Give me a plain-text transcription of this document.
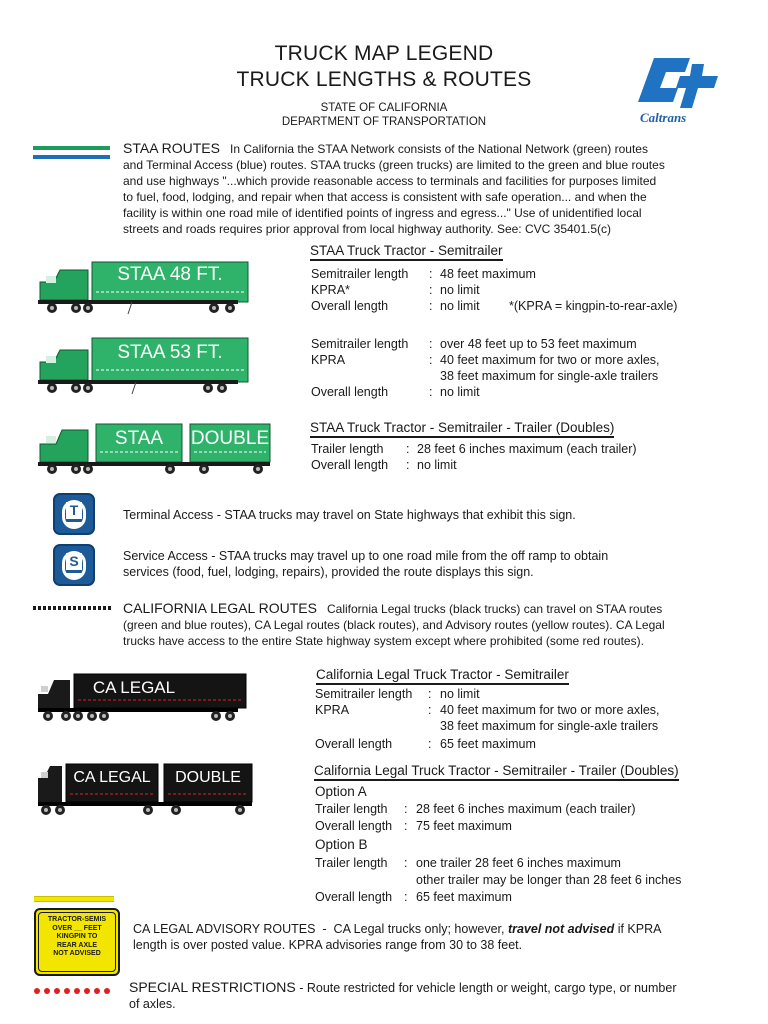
TRUCK MAP LEGEND
TRUCK LENGTHS & ROUTES
STATE OF CALIFORNIA
DEPARTMENT OF TRANSPORTATION	Caltrans
STAA ROUTES In California the STAA Network consists of the National Network (green) routes
and Terminal Access (blue) routes. STAA trucks (green trucks) are limited to the green and blue routes
and use highways "...which provide reasonable access to terminals and facilities for purposes limited
to fuel, food, lodging, and repair when that access is consistent with safe operation... and when the
facility is within one road mile of identified points of ingress and egress..." Use of unidentified local
streets and roads requires prior approval from local highway authority. See: CVC 35401.5(c)
STAA 48 FT.
STAA Truck Tractor - Semitrailer
Semitrailer length : 48 feet maximum
KPRA*	: no limit
Overall length	: no limit *(KPRA = kingpin-to-rear-axle)
STAA 53 FT.	Semitrailer length : over 48 feet up to 53 feet maximum
KPRA	: 40 feet maximum for two or more axles,
38 feet maximum for single-axle trailers
Overall length	: no limit
STAA	DOUBLE
STAA Truck Tractor - Semitrailer - Trailer (Doubles)
Trailer length : 28 feet 6 inches maximum (each trailer)
Overall length : no limit
T	Terminal Access - STAA trucks may travel on State highways that exhibit this sign.
S	Service Access - STAA trucks may travel up to one road mile from the off ramp to obtain
services (food, fuel, lodging, repairs), provided the route displays this sign.
CALIFORNIA LEGAL ROUTES California Legal trucks (black trucks) can travel on STAA routes
(green and blue routes), CA Legal routes (black routes), and Advisory routes (yellow routes). CA Legal
trucks have access to the entire State highway system except where prohibited (some red routes).
CA LEGAL
California Legal Truck Tractor - Semitrailer
Semitrailer length : no limit
KPRA	: 40 feet maximum for two or more axles,
38 feet maximum for single-axle trailers
Overall length	: 65 feet maximum
CA LEGAL	DOUBLE	California Legal Truck Tractor - Semitrailer - Trailer (Doubles)
Option A
Trailer length : 28 feet 6 inches maximum (each trailer)
Overall length : 75 feet maximum
Option B
Trailer length : one trailer 28 feet 6 inches maximum
other trailer may be longer than 28 feet 6 inches
Overall length : 65 feet maximum
TRACTOR-SEMIS
OVER __ FEET
KINGPIN TO
REAR AXLE
NOT ADVISED
CA LEGAL ADVISORY ROUTES  -  CA Legal trucks only; however, travel not advised if KPRA
length is over posted value. KPRA advisories range from 30 to 38 feet.
SPECIAL RESTRICTIONS - Route restricted for vehicle length or weight, cargo type, or number
of axles.
